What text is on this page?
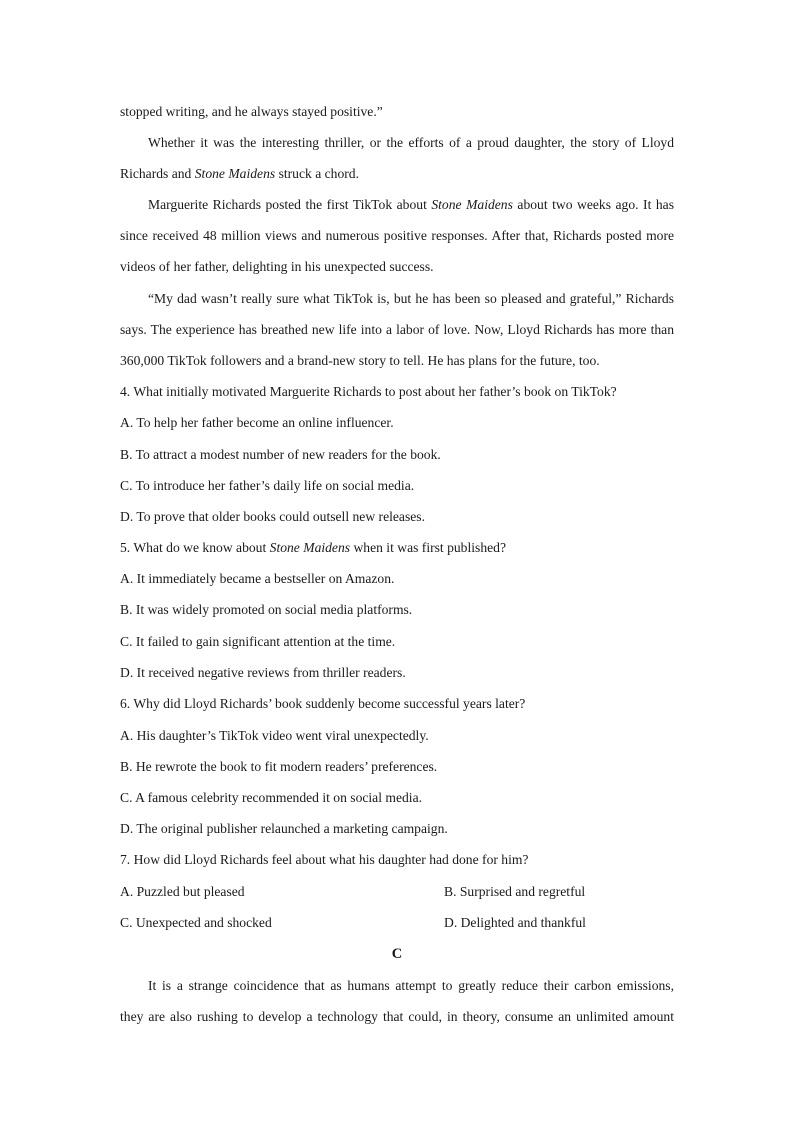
stopped writing, and he always stayed positive.”
Whether it was the interesting thriller, or the efforts of a proud daughter, the story of Lloyd
Richards and Stone Maidens struck a chord.
Marguerite Richards posted the first TikTok about Stone Maidens about two weeks ago. It has
since received 48 million views and numerous positive responses. After that, Richards posted more
videos of her father, delighting in his unexpected success.
“My dad wasn’t really sure what TikTok is, but he has been so pleased and grateful,” Richards
says. The experience has breathed new life into a labor of love. Now, Lloyd Richards has more than
360,000 TikTok followers and a brand-new story to tell. He has plans for the future, too.
4. What initially motivated Marguerite Richards to post about her father’s book on TikTok?
A. To help her father become an online influencer.
B. To attract a modest number of new readers for the book.
C. To introduce her father’s daily life on social media.
D. To prove that older books could outsell new releases.
5. What do we know about Stone Maidens when it was first published?
A. It immediately became a bestseller on Amazon.
B. It was widely promoted on social media platforms.
C. It failed to gain significant attention at the time.
D. It received negative reviews from thriller readers.
6. Why did Lloyd Richards’ book suddenly become successful years later?
A. His daughter’s TikTok video went viral unexpectedly.
B. He rewrote the book to fit modern readers’ preferences.
C. A famous celebrity recommended it on social media.
D. The original publisher relaunched a marketing campaign.
7. How did Lloyd Richards feel about what his daughter had done for him?
A. Puzzled but pleased	B. Surprised and regretful
C. Unexpected and shocked	D. Delighted and thankful
C
It is a strange coincidence that as humans attempt to greatly reduce their carbon emissions,
they are also rushing to develop a technology that could, in theory, consume an unlimited amount
